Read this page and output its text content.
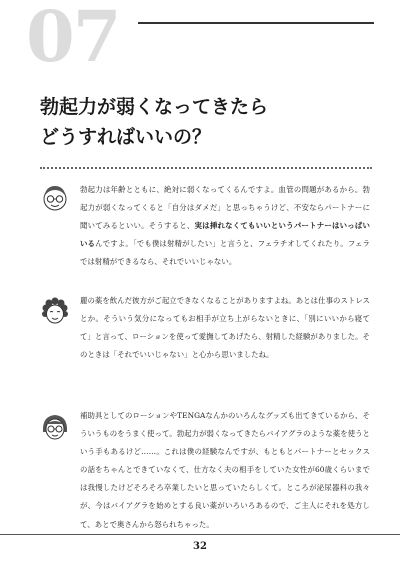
07
勃起力が弱くなってきたら
どうすればいいの？

勃起力は年齢とともに、絶対に弱くなってくるんですよ。血管の問題があるから。勃起力が弱くなってくると「自分はダメだ」と思っちゃうけど、不安ならパートナーに聞いてみるといい。そうすると、実は挿れなくてもいいというパートナーはいっぱいいるんですよ。「でも僕は射精がしたい」と言うと、フェラチオしてくれたり。フェラでは射精ができるなら、それでいいじゃない。

麗の薬を飲んだ彼方がご起立できなくなることがありますよね。あとは仕事のストレスとか。そういう気分になってもお相手が立ち上がらないときに、「別にいいから寝てて」と言って、ローションを使って愛撫してあげたら、射精した経験がありました。そのときは「それでいいじゃない」と心から思いましたね。

補助具としてのローションやTENGAなんかのいろんなグッズも出てきているから、そういうものをうまく使って。勃起力が弱くなってきたらバイアグラのような薬を使うという手もあるけど……。これは僕の経験なんですが、もともとパートナーとセックスの話をちゃんとできていなくて、仕方なく夫の相手をしていた女性が60歳くらいまでは我慢したけどそろそろ卒業したいと思っていたらしくて。ところが泌尿器科の我々が、今はバイアグラを始めとする良い薬がいろいろあるので、ご主人にそれを処方して、あとで奥さんから怒られちゃった。

32
